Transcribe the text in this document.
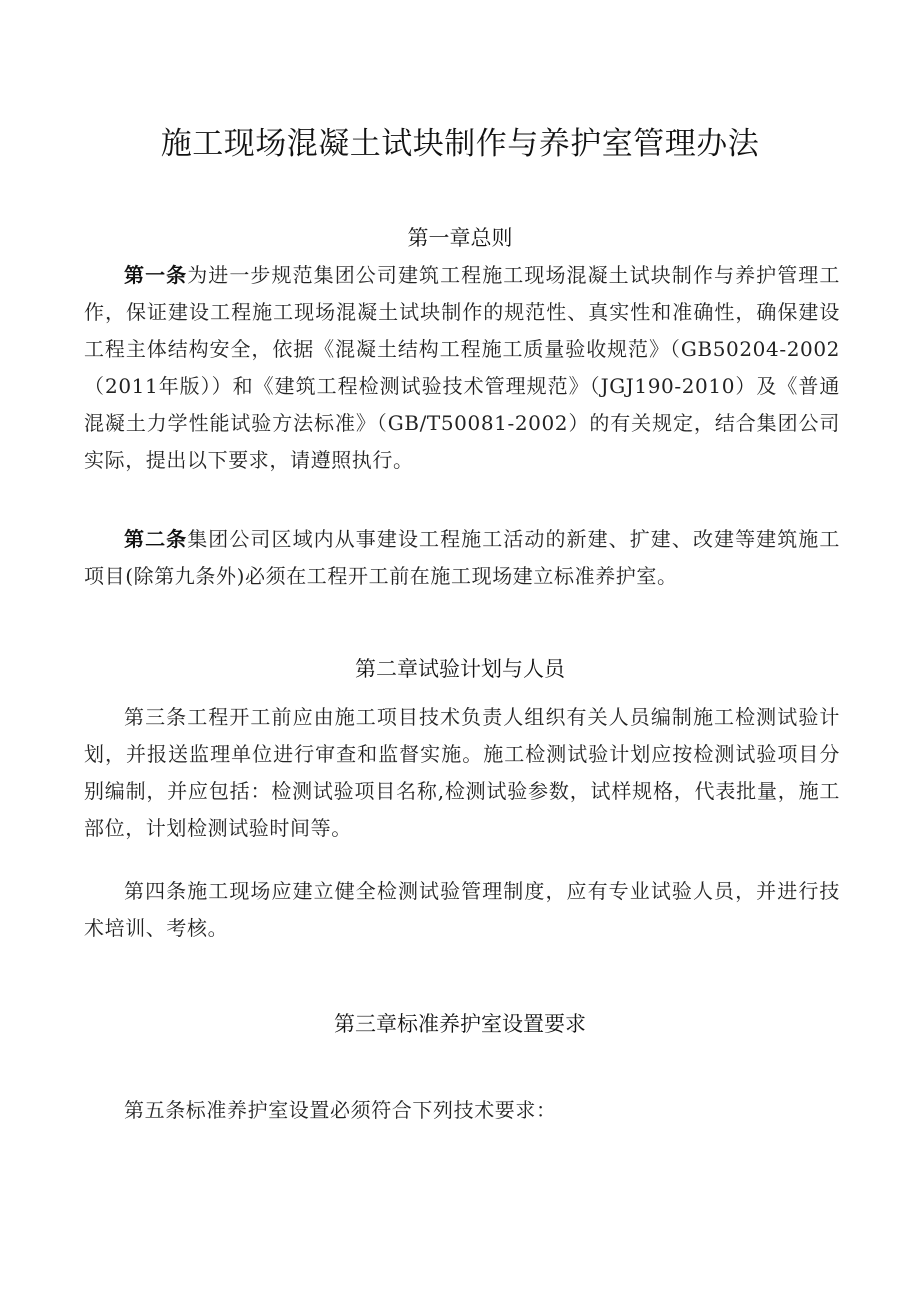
施工现场混凝土试块制作与养护室管理办法
第一章总则

第一条为进一步规范集团公司建筑工程施工现场混凝土试块制作与养护管理工作，保证建设工程施工现场混凝土试块制作的规范性、真实性和准确性，确保建设工程主体结构安全，依据《混凝土结构工程施工质量验收规范》（GB50204-2002（2011年版））和《建筑工程检测试验技术管理规范》（JGJ190-2010）及《普通混凝土力学性能试验方法标准》（GB/T50081-2002）的有关规定，结合集团公司实际，提出以下要求，请遵照执行。

第二条集团公司区域内从事建设工程施工活动的新建、扩建、改建等建筑施工项目(除第九条外)必须在工程开工前在施工现场建立标准养护室。

第二章试验计划与人员

第三条工程开工前应由施工项目技术负责人组织有关人员编制施工检测试验计划，并报送监理单位进行审查和监督实施。施工检测试验计划应按检测试验项目分别编制，并应包括：检测试验项目名称,检测试验参数，试样规格，代表批量，施工部位，计划检测试验时间等。

第四条施工现场应建立健全检测试验管理制度，应有专业试验人员，并进行技术培训、考核。

第三章标准养护室设置要求

第五条标准养护室设置必须符合下列技术要求：
